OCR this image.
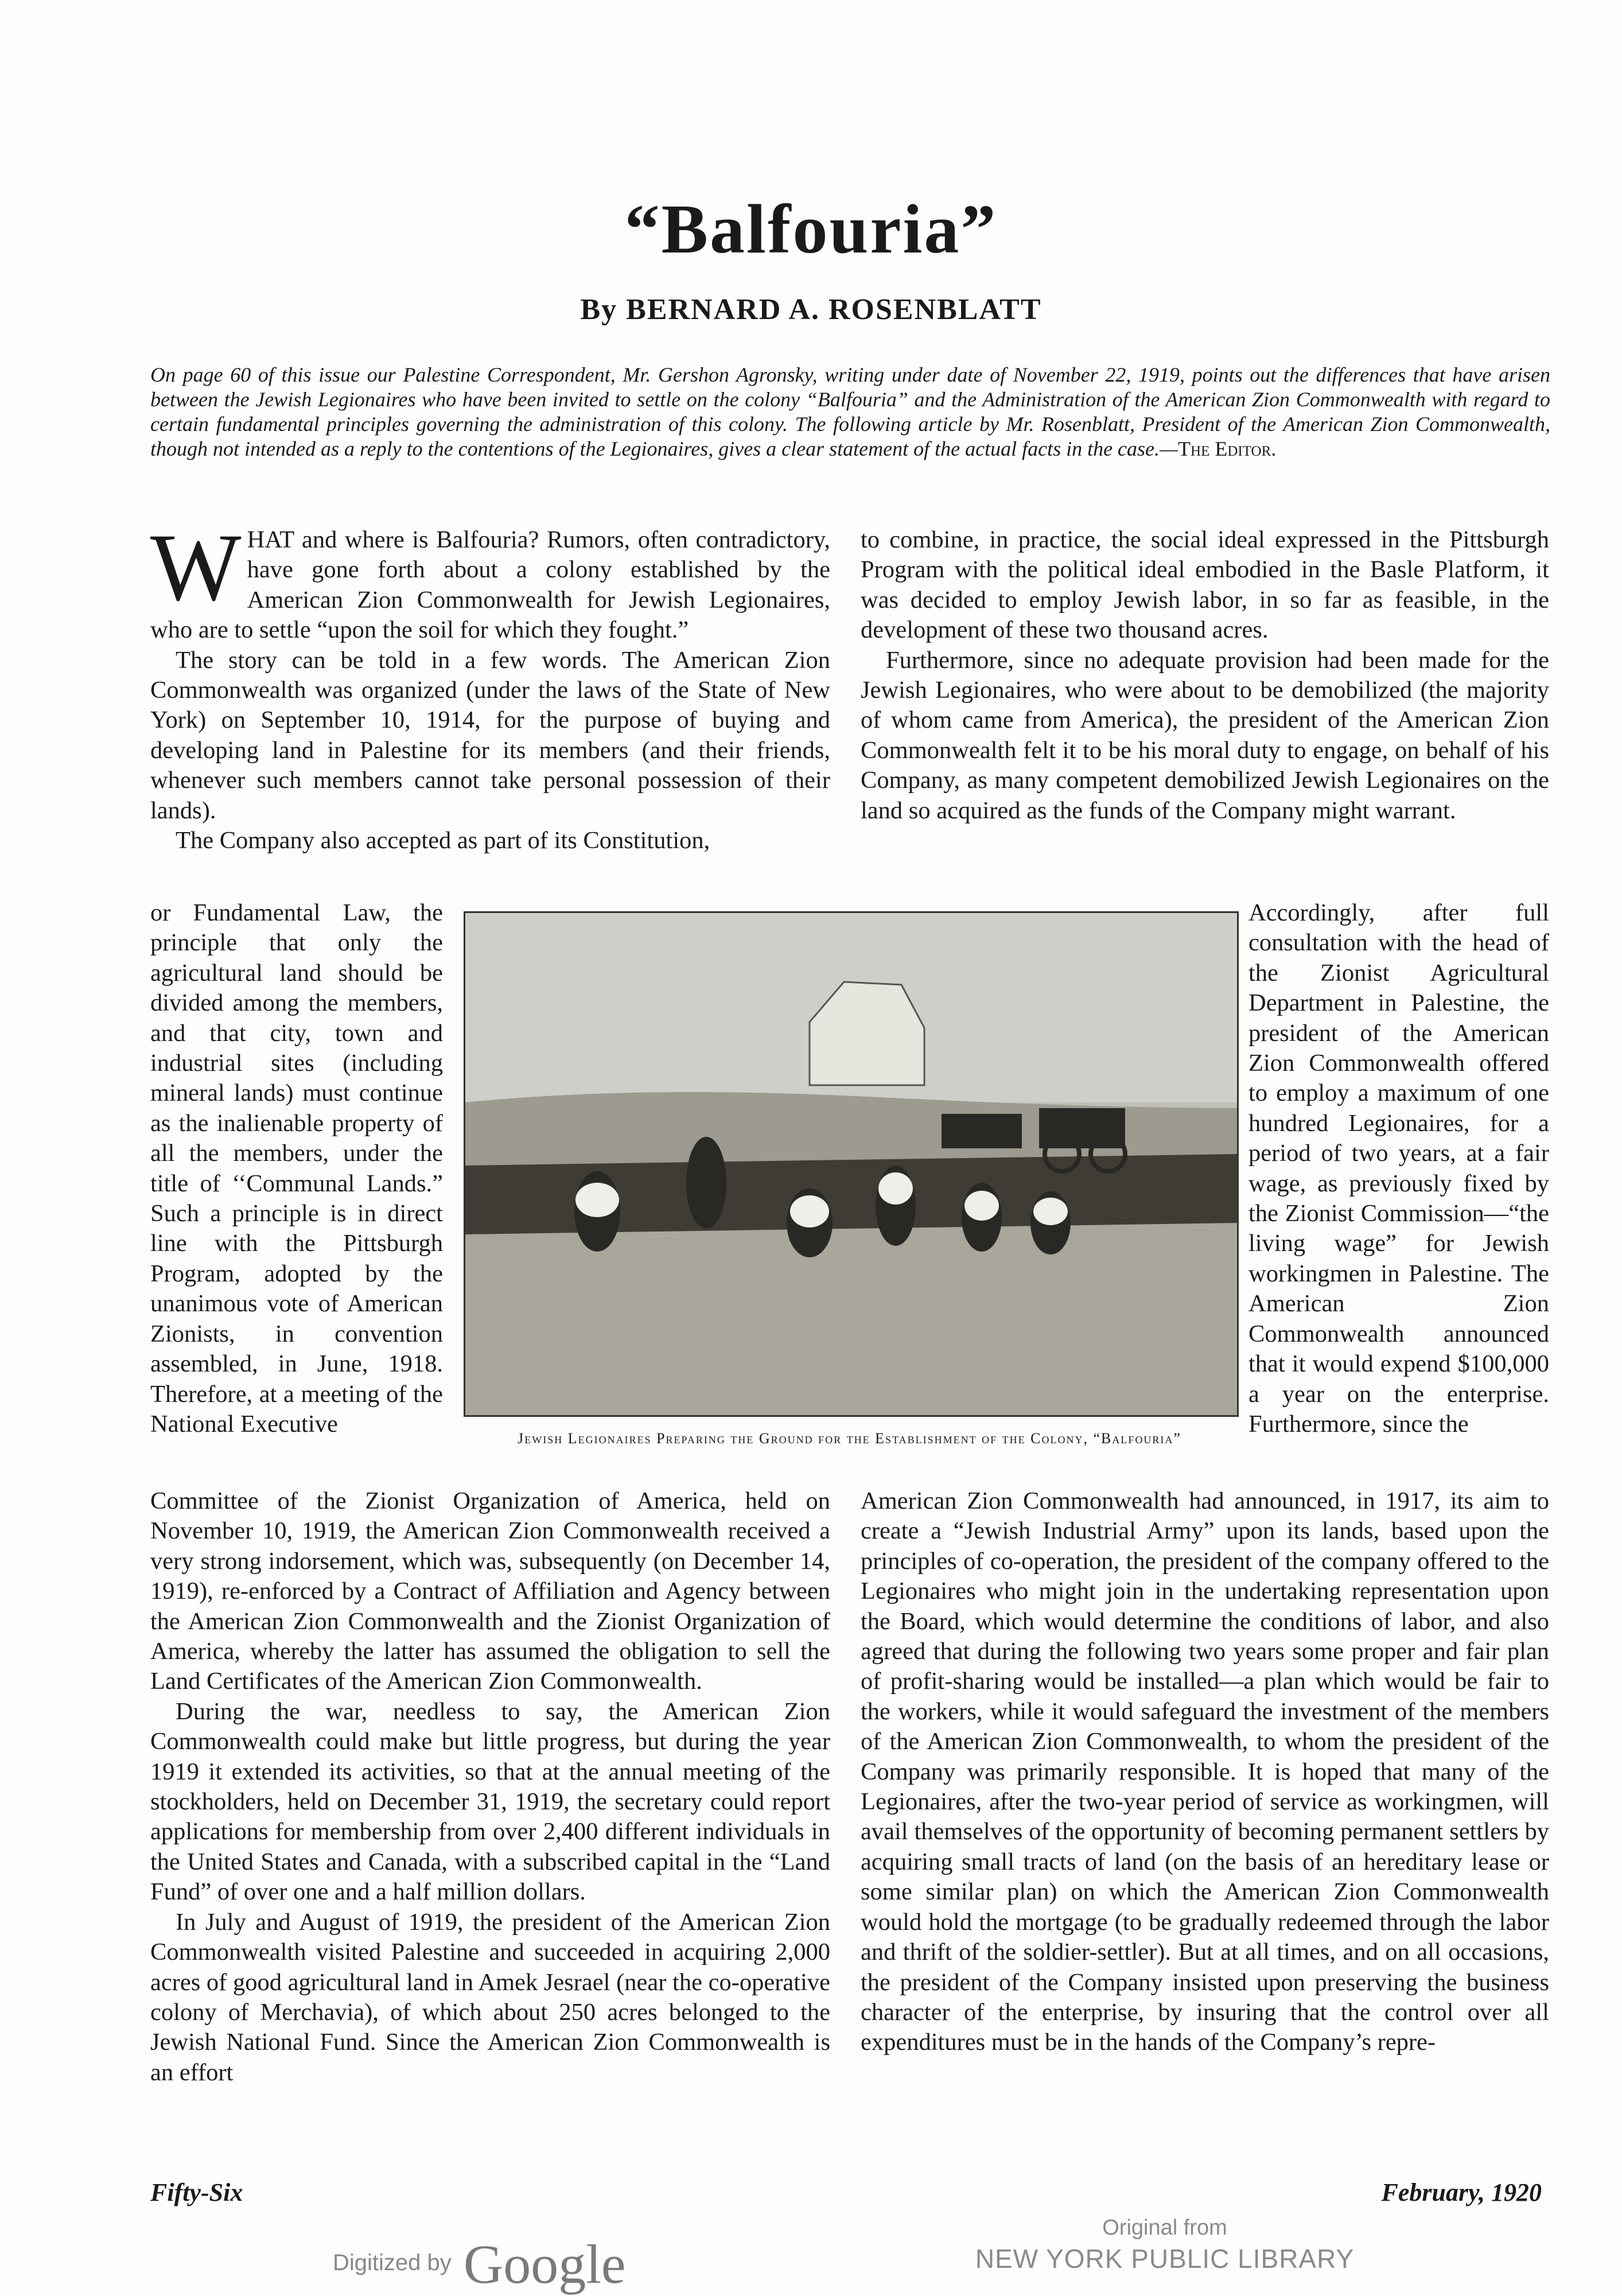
“Balfouria”
By BERNARD A. ROSENBLATT
On page 60 of this issue our Palestine Correspondent, Mr. Gershon Agronsky, writing under date of November 22, 1919, points out the differences that have arisen between the Jewish Legionaires who have been invited to settle on the colony “Balfouria” and the Administration of the American Zion Commonwealth with regard to certain fundamental principles governing the administration of this colony. The following article by Mr. Rosenblatt, President of the American Zion Commonwealth, though not intended as a reply to the contentions of the Legionaires, gives a clear statement of the actual facts in the case.—The Editor.

WHAT and where is Balfouria? Rumors, often contradictory, have gone forth about a colony established by the American Zion Commonwealth for Jewish Legionaires, who are to settle “upon the soil for which they fought.”

The story can be told in a few words. The American Zion Commonwealth was organized (under the laws of the State of New York) on September 10, 1914, for the purpose of buying and developing land in Palestine for its members (and their friends, whenever such members cannot take personal possession of their lands).

The Company also accepted as part of its Constitution,

or Fundamental Law, the principle that only the agricultural land should be divided among the members, and that city, town and industrial sites (including mineral lands) must continue as the inalienable property of all the members, under the title of ‘‘Communal Lands.” Such a principle is in direct line with the Pittsburgh Program, adopted by the unanimous vote of American Zionists, in convention assembled, in June, 1918. Therefore, at a meeting of the National Executive

Jewish Legionaires Preparing the Ground for the Establishment of the Colony, “Balfouria”

Committee of the Zionist Organization of America, held on November 10, 1919, the American Zion Commonwealth received a very strong indorsement, which was, subsequently (on December 14, 1919), re-enforced by a Contract of Affiliation and Agency between the American Zion Commonwealth and the Zionist Organization of America, whereby the latter has assumed the obligation to sell the Land Certificates of the American Zion Commonwealth.

During the war, needless to say, the American Zion Commonwealth could make but little progress, but during the year 1919 it extended its activities, so that at the annual meeting of the stockholders, held on December 31, 1919, the secretary could report applications for membership from over 2,400 different individuals in the United States and Canada, with a subscribed capital in the “Land Fund” of over one and a half million dollars.

In July and August of 1919, the president of the American Zion Commonwealth visited Palestine and succeeded in acquiring 2,000 acres of good agricultural land in Amek Jesrael (near the co-operative colony of Merchavia), of which about 250 acres belonged to the Jewish National Fund. Since the American Zion Commonwealth is an effort

to combine, in practice, the social ideal expressed in the Pittsburgh Program with the political ideal embodied in the Basle Platform, it was decided to employ Jewish labor, in so far as feasible, in the development of these two thousand acres.

Furthermore, since no adequate provision had been made for the Jewish Legionaires, who were about to be demobilized (the majority of whom came from America), the president of the American Zion Commonwealth felt it to be his moral duty to engage, on behalf of his Company, as many competent demobilized Jewish Legionaires on the land so acquired as the funds of the Company might warrant.

Accordingly, after full consultation with the head of the Zionist Agricultural Department in Palestine, the president of the American Zion Commonwealth offered to employ a maximum of one hundred Legionaires, for a period of two years, at a fair wage, as previously fixed by the Zionist Commission—“the living wage” for Jewish workingmen in Palestine. The American Zion Commonwealth announced that it would expend $100,000 a year on the enterprise. Furthermore, since the

American Zion Commonwealth had announced, in 1917, its aim to create a “Jewish Industrial Army” upon its lands, based upon the principles of co-operation, the president of the company offered to the Legionaires who might join in the undertaking representation upon the Board, which would determine the conditions of labor, and also agreed that during the following two years some proper and fair plan of profit-sharing would be installed—a plan which would be fair to the workers, while it would safeguard the investment of the members of the American Zion Commonwealth, to whom the president of the Company was primarily responsible. It is hoped that many of the Legionaires, after the two-year period of service as workingmen, will avail themselves of the opportunity of becoming permanent settlers by acquiring small tracts of land (on the basis of an hereditary lease or some similar plan) on which the American Zion Commonwealth would hold the mortgage (to be gradually redeemed through the labor and thrift of the soldier-settler). But at all times, and on all occasions, the president of the Company insisted upon preserving the business character of the enterprise, by insuring that the control over all expenditures must be in the hands of the Company’s repre-

Fifty-Six	February, 1920
Digitized by Google
Original from
NEW YORK PUBLIC LIBRARY
